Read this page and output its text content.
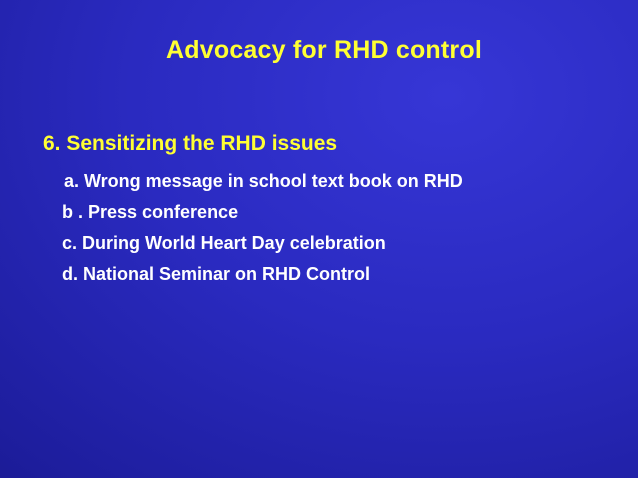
Advocacy for RHD control
6. Sensitizing the RHD issues
a. Wrong message in school text book on RHD
b . Press conference
c. During World Heart Day celebration
d. National Seminar on RHD Control
